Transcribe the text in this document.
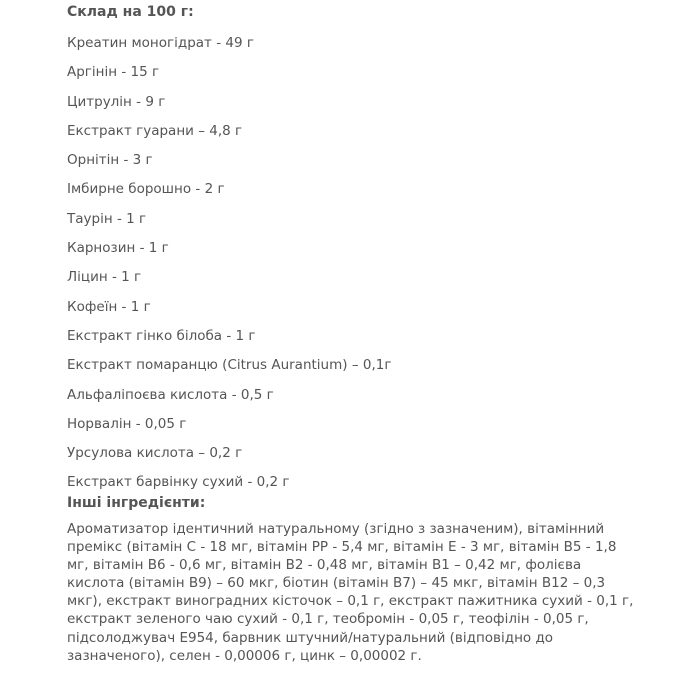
Склад на 100 г:

Креатин моногідрат - 49 г
Аргінін - 15 г
Цитрулін - 9 г
Екстракт гуарани – 4,8 г
Орнітін - 3 г
Імбирне борошно - 2 г
Таурін - 1 г
Карнозин - 1 г
Ліцин - 1 г
Кофеїн - 1 г
Екстракт гінко білоба - 1 г
Екстракт помаранцю (Citrus Aurantium) – 0,1г
Альфаліпоєва кислота - 0,5 г
Норвалін - 0,05 г
Урсулова кислота – 0,2 г
Екстракт барвінку сухий - 0,2 г

Інші інгредієнти:

Ароматизатор ідентичний натуральному (згідно з зазначеним), вітамінний премікс (вітамін С - 18 мг, вітамін PP - 5,4 мг, вітамін E - 3 мг, вітамін В5 - 1,8 мг, вітамін В6 - 0,6 мг, вітамін В2 - 0,48 мг, вітамін В1 – 0,42 мг, фолієва кислота (вітамін В9) – 60 мкг, біотин (вітамін В7) – 45 мкг, вітамін В12 – 0,3 мкг), екстракт виноградних кісточок – 0,1 г, екстракт пажитника сухий - 0,1 г, екстракт зеленого чаю сухий - 0,1 г, теобромін - 0,05 г, теофілін - 0,05 г, підсолоджувач Е954, барвник штучний/натуральний (відповідно до зазначеного), селен - 0,00006 г, цинк – 0,00002 г.
